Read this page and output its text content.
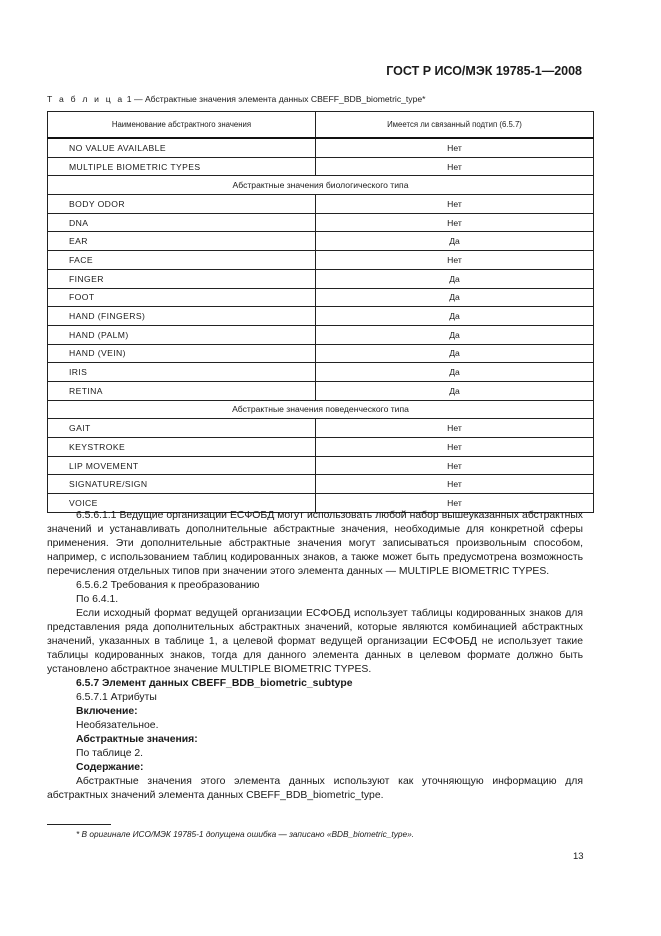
ГОСТ Р ИСО/МЭК 19785-1—2008
Т а б л и ц а 1 — Абстрактные значения элемента данных CBEFF_BDB_biometric_type*
Наименование абстрактного значения	Имеется ли связанный подтип (6.5.7)
NO VALUE AVAILABLE	Нет
MULTIPLE BIOMETRIC TYPES	Нет
Абстрактные значения биологического типа	
BODY ODOR	Нет
DNA	Нет
EAR	Да
FACE	Нет
FINGER	Да
FOOT	Да
HAND (FINGERS)	Да
HAND (PALM)	Да
HAND (VEIN)	Да
IRIS	Да
RETINA	Да
Абстрактные значения поведенческого типа	
GAIT	Нет
KEYSTROKE	Нет
LIP MOVEMENT	Нет
SIGNATURE/SIGN	Нет
VOICE	Нет

6.5.6.1.1 Ведущие организации ЕСФОБД могут использовать любой набор вышеуказанных абстрактных значений и устанавливать дополнительные абстрактные значения, необходимые для конкретной сферы применения. Эти дополнительные абстрактные значения могут записываться произвольным способом, например, с использованием таблиц кодированных знаков, а также может быть предусмотрена возможность перечисления отдельных типов при значении этого элемента данных — MULTIPLE BIOMETRIC TYPES.

6.5.6.2 Требования к преобразованию

По 6.4.1.

Если исходный формат ведущей организации ЕСФОБД использует таблицы кодированных знаков для представления ряда дополнительных абстрактных значений, которые являются комбинацией абстрактных значений, указанных в таблице 1, а целевой формат ведущей организации ЕСФОБД не использует такие таблицы кодированных знаков, тогда для данного элемента данных в целевом формате должно быть установлено абстрактное значение MULTIPLE BIOMETRIC TYPES.

6.5.7 Элемент данных CBEFF_BDB_biometric_subtype

6.5.7.1 Атрибуты

Включение:

Необязательное.

Абстрактные значения:

По таблице 2.

Содержание:

Абстрактные значения этого элемента данных используют как уточняющую информацию для абстрактных значений элемента данных CBEFF_BDB_biometric_type.

* В оригинале ИСО/МЭК 19785-1 допущена ошибка — записано «BDB_biometric_type».
13
